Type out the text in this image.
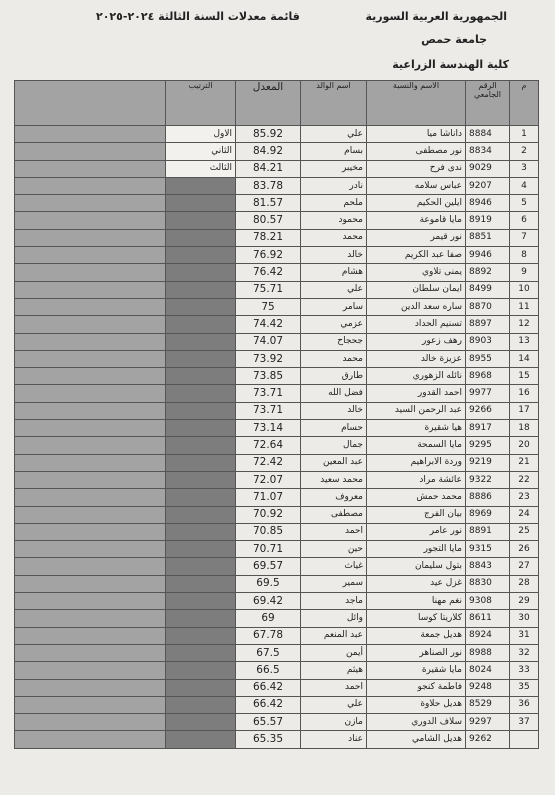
الجمهورية العربية السورية
جامعة حمص
كلية الهندسة الزراعية
قائمة معدلات السنة الثالثة ٢٠٢٤-٢٠٢٥
م	الرقم الجامعي	الاسم والنسبة	اسم الوالد	المعدل	الترتيب	
1	8884	داناشا ميا	علي	85.92	الاول	
2	8834	نور مصطفى	بسام	84.92	الثاني	
3	9029	ندى فرح	مخيبر	84.21	الثالث	
4	9207	عباس سلامه	نادر	83.78		
5	8946	ايلين الحكيم	ملحم	81.57		
6	8919	مايا قاموعة	محمود	80.57		
7	8851	نور قيمر	محمد	78.21		
8	9946	صفا عبد الكريم	خالد	76.92		
9	8892	يمنى تلاوي	هشام	76.42		
10	8499	ايمان سلطان	علي	75.71		
11	8870	ساره سعد الدين	سامر	75		
12	8897	تسنيم الحداد	عزمي	74.42		
13	8903	رهف زعور	جحجاح	74.07		
14	8955	عزيزة خالد	محمد	73.92		
15	8968	نائله الزهوري	طارق	73.85		
16	9977	احمد القدور	فضل الله	73.71		
17	9266	عبد الرحمن السيد	خالد	73.71		
18	8917	هيا شقيرة	حسام	73.14		
20	9295	مايا السمحة	جمال	72.64		
21	9219	وردة الابراهيم	عبد المعين	72.42		
22	9322	عائشة مراد	محمد سعيد	72.07		
23	8886	محمد حمش	معروف	71.07		
24	8969	بيان الفرج	مصطفى	70.92		
25	8891	نور عامر	احمد	70.85		
26	9315	مايا التجور	حين	70.71		
27	8843	بتول سليمان	غياث	69.57		
28	8830	غزل عيد	سمير	69.5		
29	9308	نغم مهنا	ماجد	69.42		
30	8611	كلاريتا كوسا	وائل	69		
31	8924	هديل جمعة	عبد المنعم	67.78		
32	8988	نور الصناهر	أيمن	67.5		
33	8024	مايا شقيرة	هيثم	66.5		
35	9248	فاطمة كنجو	احمد	66.42		
36	8529	هديل حلاوة	علي	66.42		
37	9297	سلاف الدوري	مازن	65.57		
	9262	هديل الشامي	عناد	65.35		
